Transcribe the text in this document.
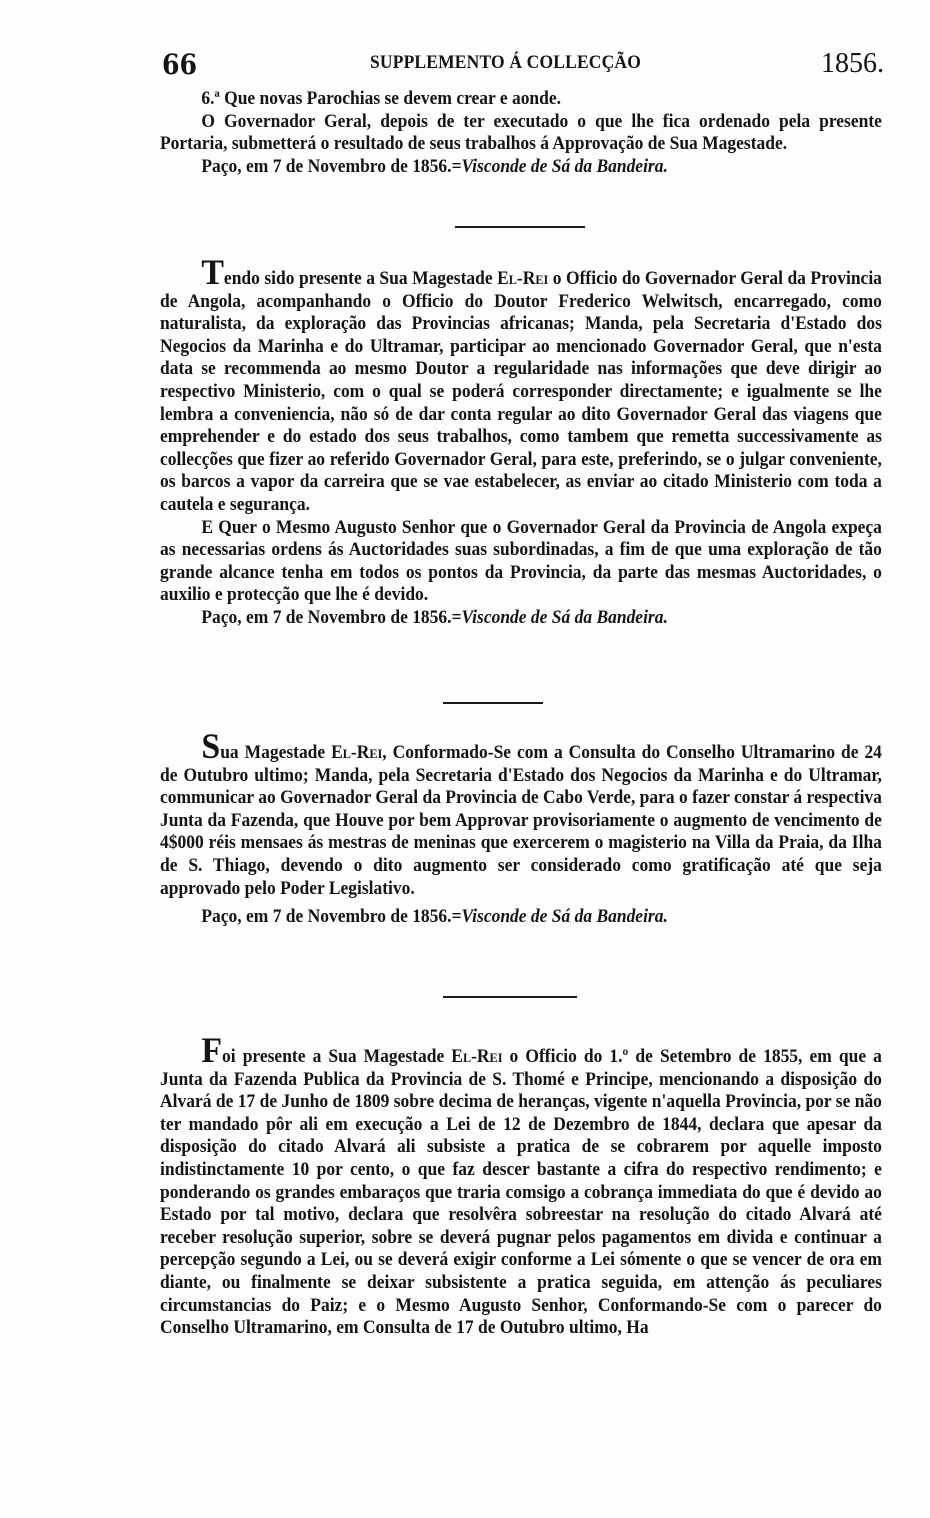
66	SUPPLEMENTO Á COLLECÇÃO	1856.

6.ª Que novas Parochias se devem crear e aonde.

O Governador Geral, depois de ter executado o que lhe fica ordenado pela presente Portaria, submetterá o resultado de seus trabalhos á Approvação de Sua Magestade.

Paço, em 7 de Novembro de 1856.=Visconde de Sá da Bandeira.

Tendo sido presente a Sua Magestade El-Rei o Officio do Governador Geral da Provincia de Angola, acompanhando o Officio do Doutor Frederico Welwitsch, encarregado, como naturalista, da exploração das Provincias africanas; Manda, pela Secretaria d'Estado dos Negocios da Marinha e do Ultramar, participar ao mencionado Governador Geral, que n'esta data se recommenda ao mesmo Doutor a regularidade nas informações que deve dirigir ao respectivo Ministerio, com o qual se poderá corresponder directamente; e igualmente se lhe lembra a conveniencia, não só de dar conta regular ao dito Governador Geral das viagens que emprehender e do estado dos seus trabalhos, como tambem que remetta successivamente as collecções que fizer ao referido Governador Geral, para este, preferindo, se o julgar conveniente, os barcos a vapor da carreira que se vae estabelecer, as enviar ao citado Ministerio com toda a cautela e segurança.

E Quer o Mesmo Augusto Senhor que o Governador Geral da Provincia de Angola expeça as necessarias ordens ás Auctoridades suas subordinadas, a fim de que uma exploração de tão grande alcance tenha em todos os pontos da Provincia, da parte das mesmas Auctoridades, o auxilio e protecção que lhe é devido.

Paço, em 7 de Novembro de 1856.=Visconde de Sá da Bandeira.

Sua Magestade El-Rei, Conformado-Se com a Consulta do Conselho Ultramarino de 24 de Outubro ultimo; Manda, pela Secretaria d'Estado dos Negocios da Marinha e do Ultramar, communicar ao Governador Geral da Provincia de Cabo Verde, para o fazer constar á respectiva Junta da Fazenda, que Houve por bem Approvar provisoriamente o augmento de vencimento de 4$000 réis mensaes ás mestras de meninas que exercerem o magisterio na Villa da Praia, da Ilha de S. Thiago, devendo o dito augmento ser considerado como gratificação até que seja approvado pelo Poder Legislativo.

Paço, em 7 de Novembro de 1856.=Visconde de Sá da Bandeira.

Foi presente a Sua Magestade El-Rei o Officio do 1.º de Setembro de 1855, em que a Junta da Fazenda Publica da Provincia de S. Thomé e Principe, mencionando a disposição do Alvará de 17 de Junho de 1809 sobre decima de heranças, vigente n'aquella Provincia, por se não ter mandado pôr ali em execução a Lei de 12 de Dezembro de 1844, declara que apesar da disposição do citado Alvará ali subsiste a pratica de se cobrarem por aquelle imposto indistinctamente 10 por cento, o que faz descer bastante a cifra do respectivo rendimento; e ponderando os grandes embaraços que traria comsigo a cobrança immediata do que é devido ao Estado por tal motivo, declara que resolvêra sobreestar na resolução do citado Alvará até receber resolução superior, sobre se deverá pugnar pelos pagamentos em divida e continuar a percepção segundo a Lei, ou se deverá exigir conforme a Lei sómente o que se vencer de ora em diante, ou finalmente se deixar subsistente a pratica seguida, em attenção ás peculiares circumstancias do Paiz; e o Mesmo Augusto Senhor, Conformando-Se com o parecer do Conselho Ultramarino, em Consulta de 17 de Outubro ultimo, Ha
